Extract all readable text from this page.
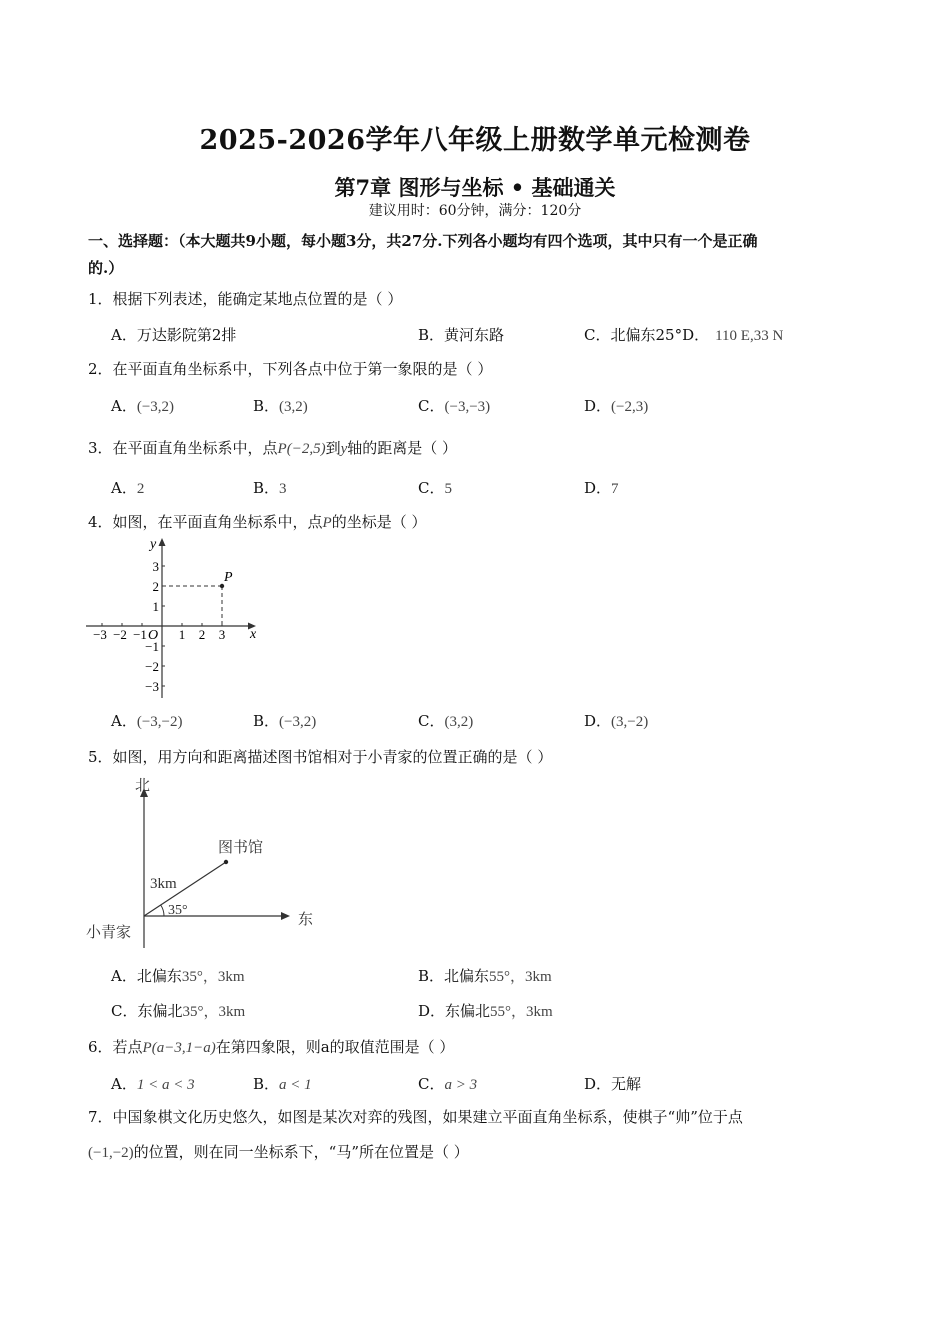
2025-2026学年八年级上册数学单元检测卷
第7章 图形与坐标 • 基础通关
建议用时：60分钟，满分：120分
一、选择题：（本大题共9小题，每小题3分，共27分.下列各小题均有四个选项，其中只有一个是正确
的.）
1．根据下列表述，能确定某地点位置的是（ ）
A．万达影院第2排	B．黄河东路	C．北偏东25°D． 110 E,33 N
2．在平面直角坐标系中，下列各点中位于第一象限的是（ ）
A．(−3,2)	B．(3,2)	C．(−3,−3)	D．(−2,3)
3．在平面直角坐标系中，点P(−2,5)到y轴的距离是（ ）
A．2	B．3	C．5	D．7
4．如图，在平面直角坐标系中，点P的坐标是（ ）
P
x
y
O
−3 −2 −1 1 2 3
3
2
1
−1
−2
−3
A．(−3,−2)	B．(−3,2)	C．(3,2)	D．(3,−2)
5．如图，用方向和距离描述图书馆相对于小青家的位置正确的是（ ）
北
东
小青家
图书馆
3km
35°
A．北偏东35°，3km	B．北偏东55°，3km
C．东偏北35°，3km	D．东偏北55°，3km
6．若点P(a−3,1−a)在第四象限，则a的取值范围是（ ）
A．1 < a < 3	B．a < 1	C．a > 3	D．无解
7．中国象棋文化历史悠久，如图是某次对弈的残图，如果建立平面直角坐标系，使棋子“帅”位于点
(−1,−2)的位置，则在同一坐标系下，“马”所在位置是（ ）
